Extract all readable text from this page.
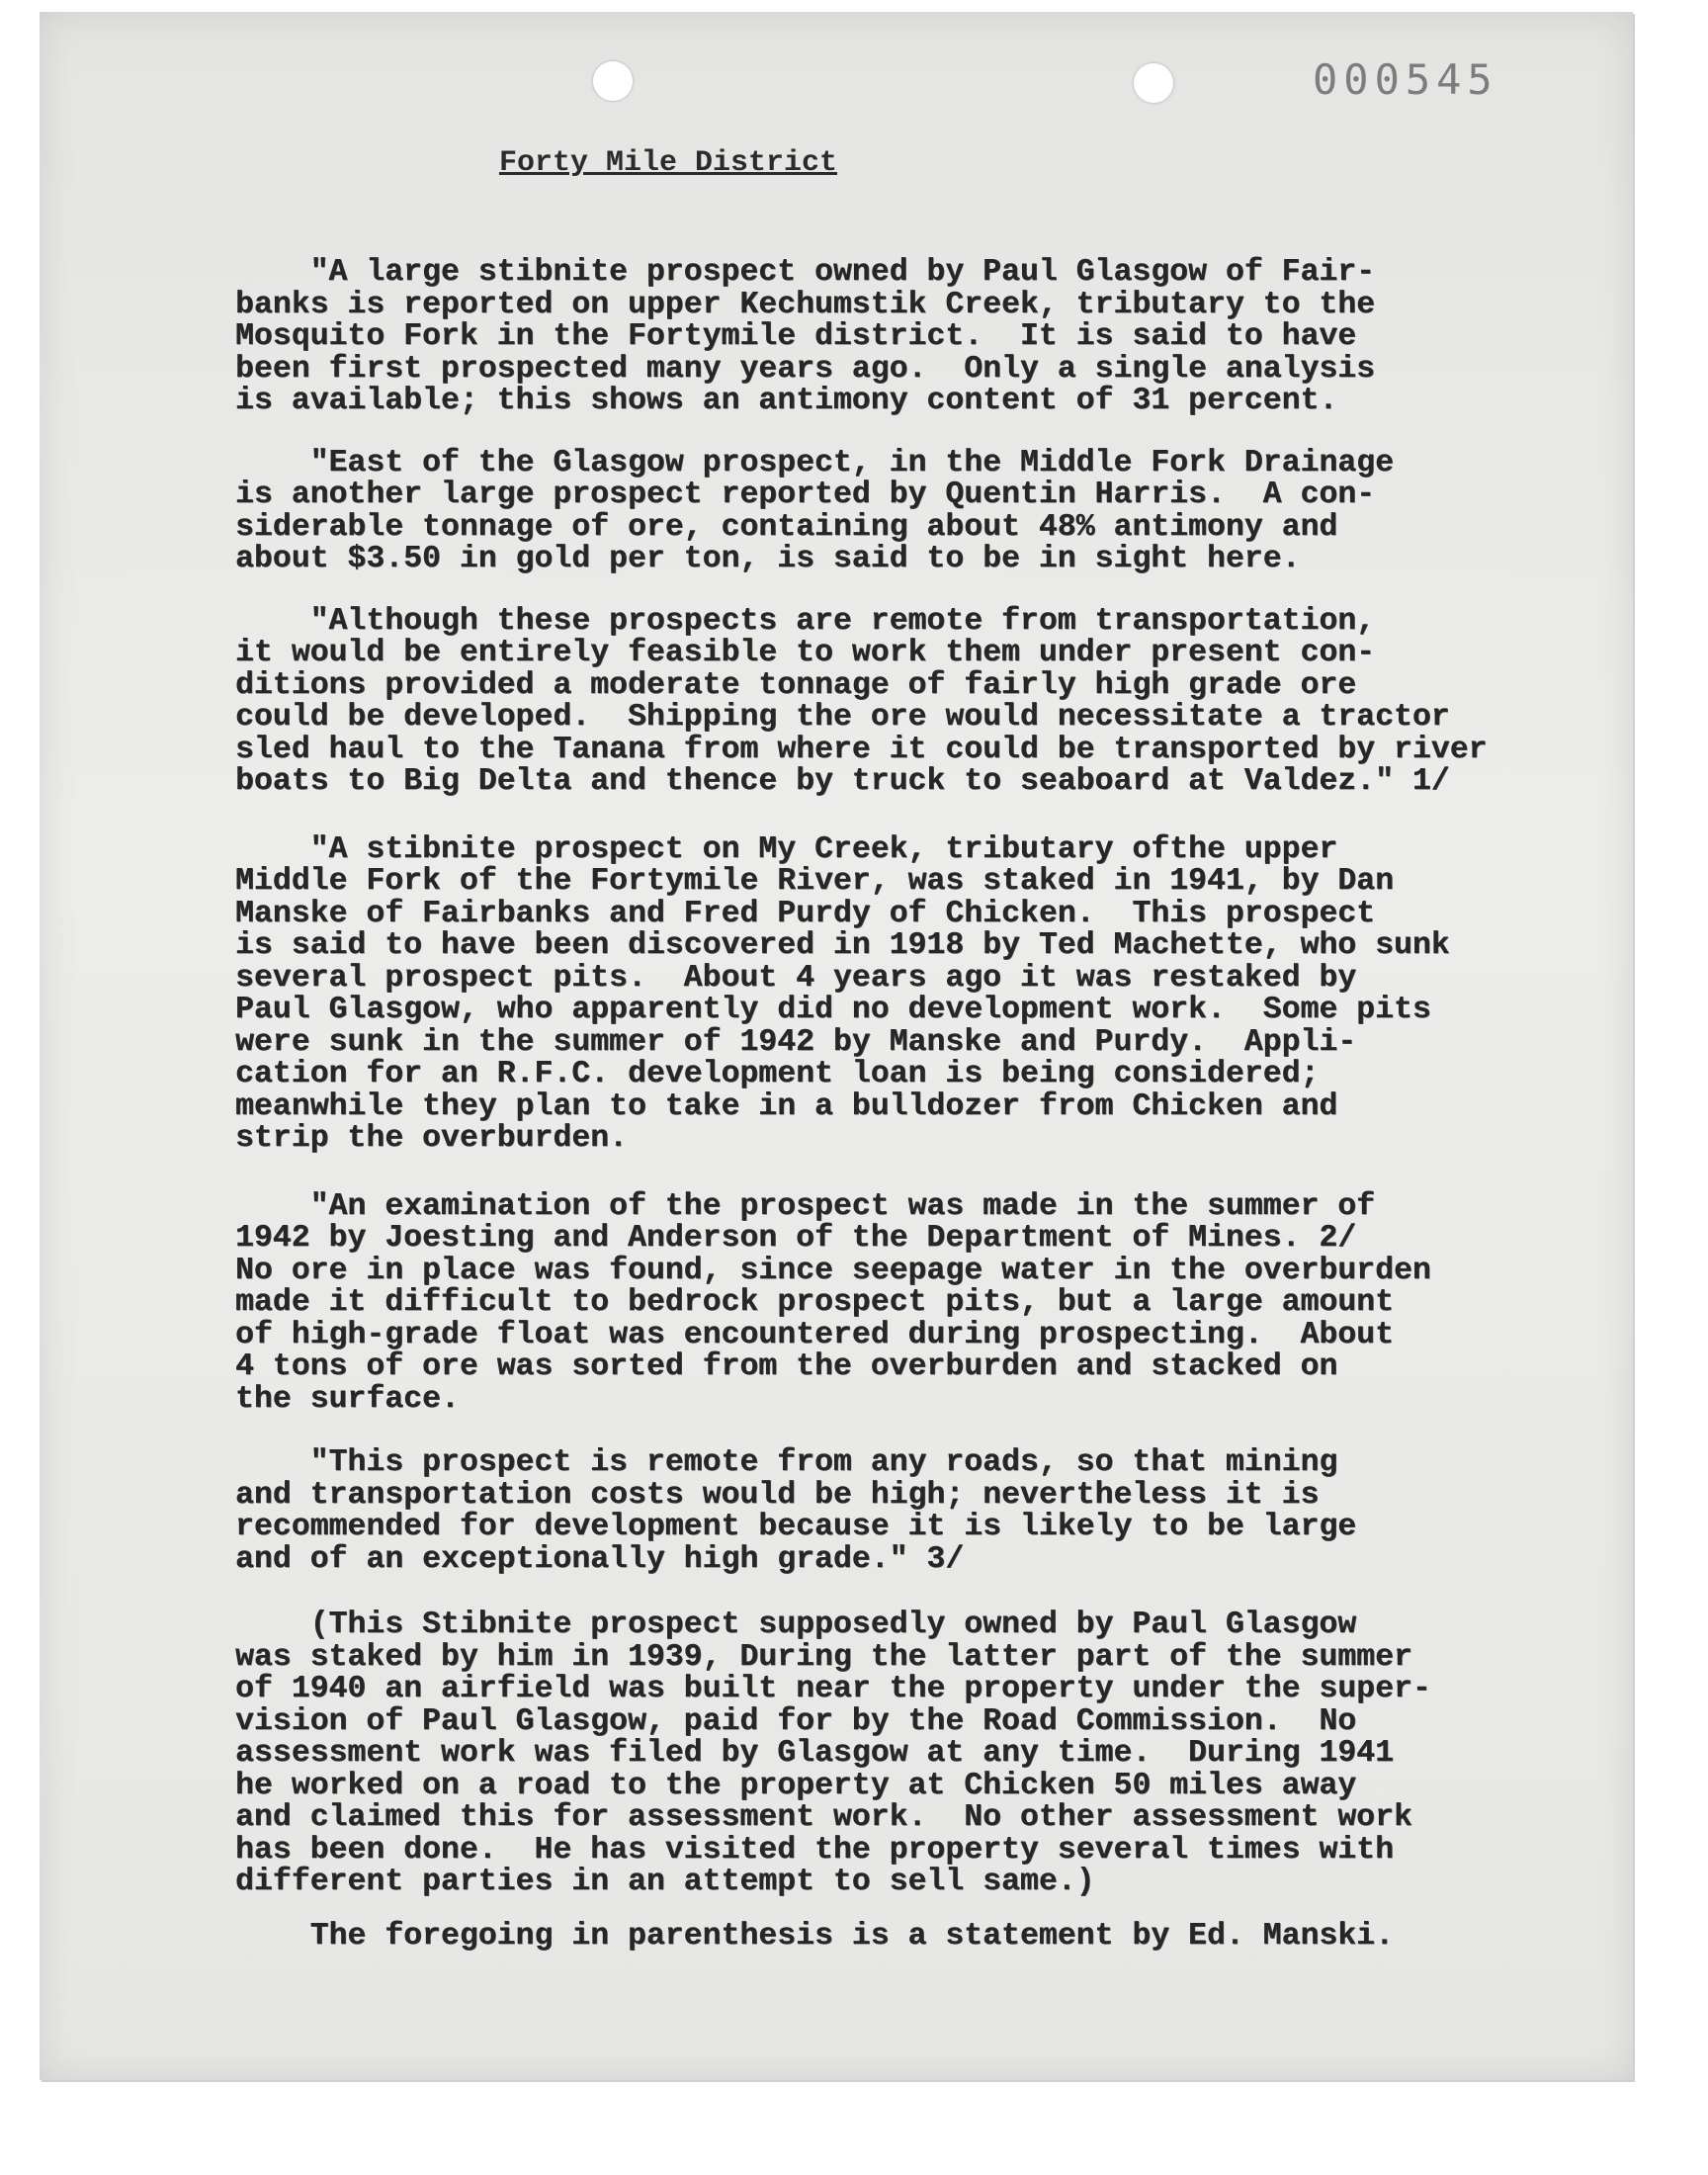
000545
Forty Mile District
"A large stibnite prospect owned by Paul Glasgow of Fair-
banks is reported on upper Kechumstik Creek, tributary to the
Mosquito Fork in the Fortymile district.  It is said to have
been first prospected many years ago.  Only a single analysis
is available; this shows an antimony content of 31 percent.
"East of the Glasgow prospect, in the Middle Fork Drainage
is another large prospect reported by Quentin Harris.  A con-
siderable tonnage of ore, containing about 48% antimony and
about $3.50 in gold per ton, is said to be in sight here.
"Although these prospects are remote from transportation,
it would be entirely feasible to work them under present con-
ditions provided a moderate tonnage of fairly high grade ore
could be developed.  Shipping the ore would necessitate a tractor
sled haul to the Tanana from where it could be transported by river
boats to Big Delta and thence by truck to seaboard at Valdez." 1/
"A stibnite prospect on My Creek, tributary ofthe upper
Middle Fork of the Fortymile River, was staked in 1941, by Dan
Manske of Fairbanks and Fred Purdy of Chicken.  This prospect
is said to have been discovered in 1918 by Ted Machette, who sunk
several prospect pits.  About 4 years ago it was restaked by
Paul Glasgow, who apparently did no development work.  Some pits
were sunk in the summer of 1942 by Manske and Purdy.  Appli-
cation for an R.F.C. development loan is being considered;
meanwhile they plan to take in a bulldozer from Chicken and
strip the overburden.
"An examination of the prospect was made in the summer of
1942 by Joesting and Anderson of the Department of Mines. 2/
No ore in place was found, since seepage water in the overburden
made it difficult to bedrock prospect pits, but a large amount
of high-grade float was encountered during prospecting.  About
4 tons of ore was sorted from the overburden and stacked on
the surface.
"This prospect is remote from any roads, so that mining
and transportation costs would be high; nevertheless it is
recommended for development because it is likely to be large
and of an exceptionally high grade." 3/
(This Stibnite prospect supposedly owned by Paul Glasgow
was staked by him in 1939, During the latter part of the summer
of 1940 an airfield was built near the property under the super-
vision of Paul Glasgow, paid for by the Road Commission.  No
assessment work was filed by Glasgow at any time.  During 1941
he worked on a road to the property at Chicken 50 miles away
and claimed this for assessment work.  No other assessment work
has been done.  He has visited the property several times with
different parties in an attempt to sell same.)
The foregoing in parenthesis is a statement by Ed. Manski.
